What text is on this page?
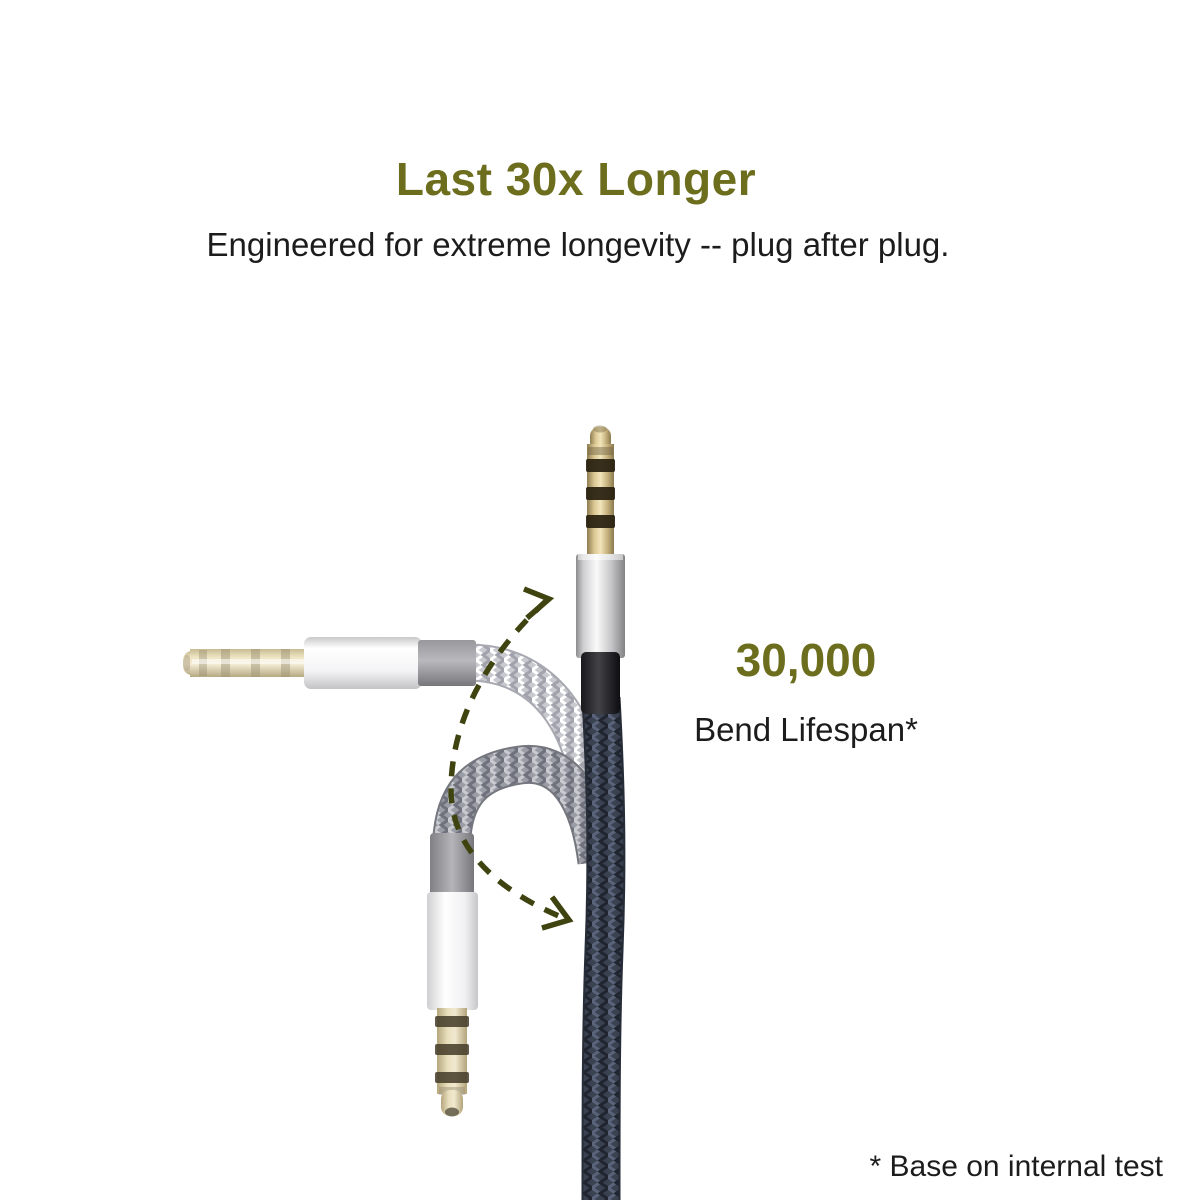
Last 30x Longer
Engineered for extreme longevity -- plug after plug.
30,000
Bend Lifespan*
* Base on internal test
